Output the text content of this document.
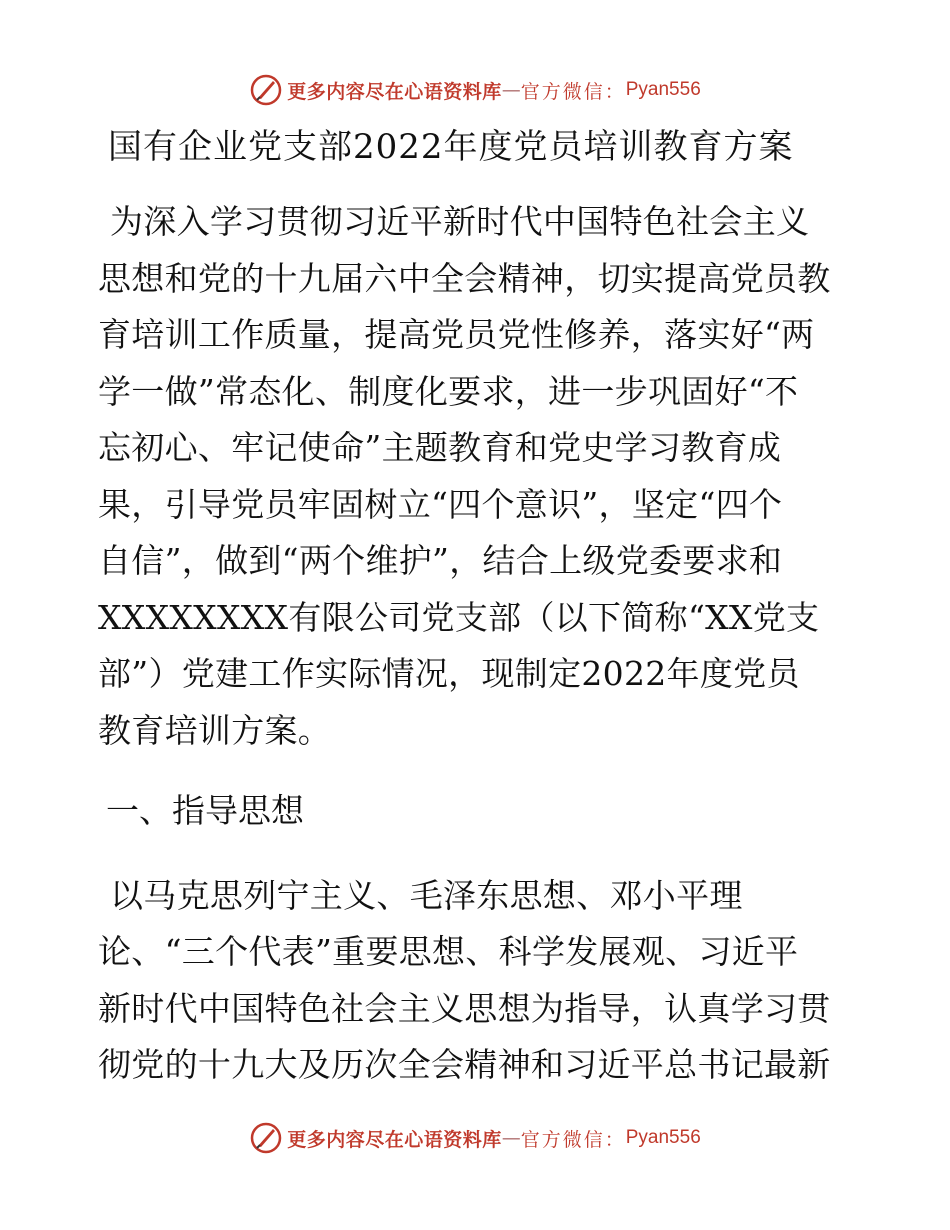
更多内容尽在心语资料库 — 官方微信： Pyan556
国有企业党支部2022年度党员培训教育方案
为深入学习贯彻习近平新时代中国特色社会主义
思想和党的十九届六中全会精神，切实提高党员教
育培训工作质量，提高党员党性修养，落实好“两
学一做”常态化、制度化要求，进一步巩固好“不
忘初心、牢记使命”主题教育和党史学习教育成
果，引导党员牢固树立“四个意识”，坚定“四个
自信”，做到“两个维护”，结合上级党委要求和
XXXXXXXX有限公司党支部（以下简称“XX党支
部”）党建工作实际情况，现制定2022年度党员
教育培训方案。
一、指导思想
以马克思列宁主义、毛泽东思想、邓小平理
论、“三个代表”重要思想、科学发展观、习近平
新时代中国特色社会主义思想为指导，认真学习贯
彻党的十九大及历次全会精神和习近平总书记最新
更多内容尽在心语资料库 — 官方微信： Pyan556
